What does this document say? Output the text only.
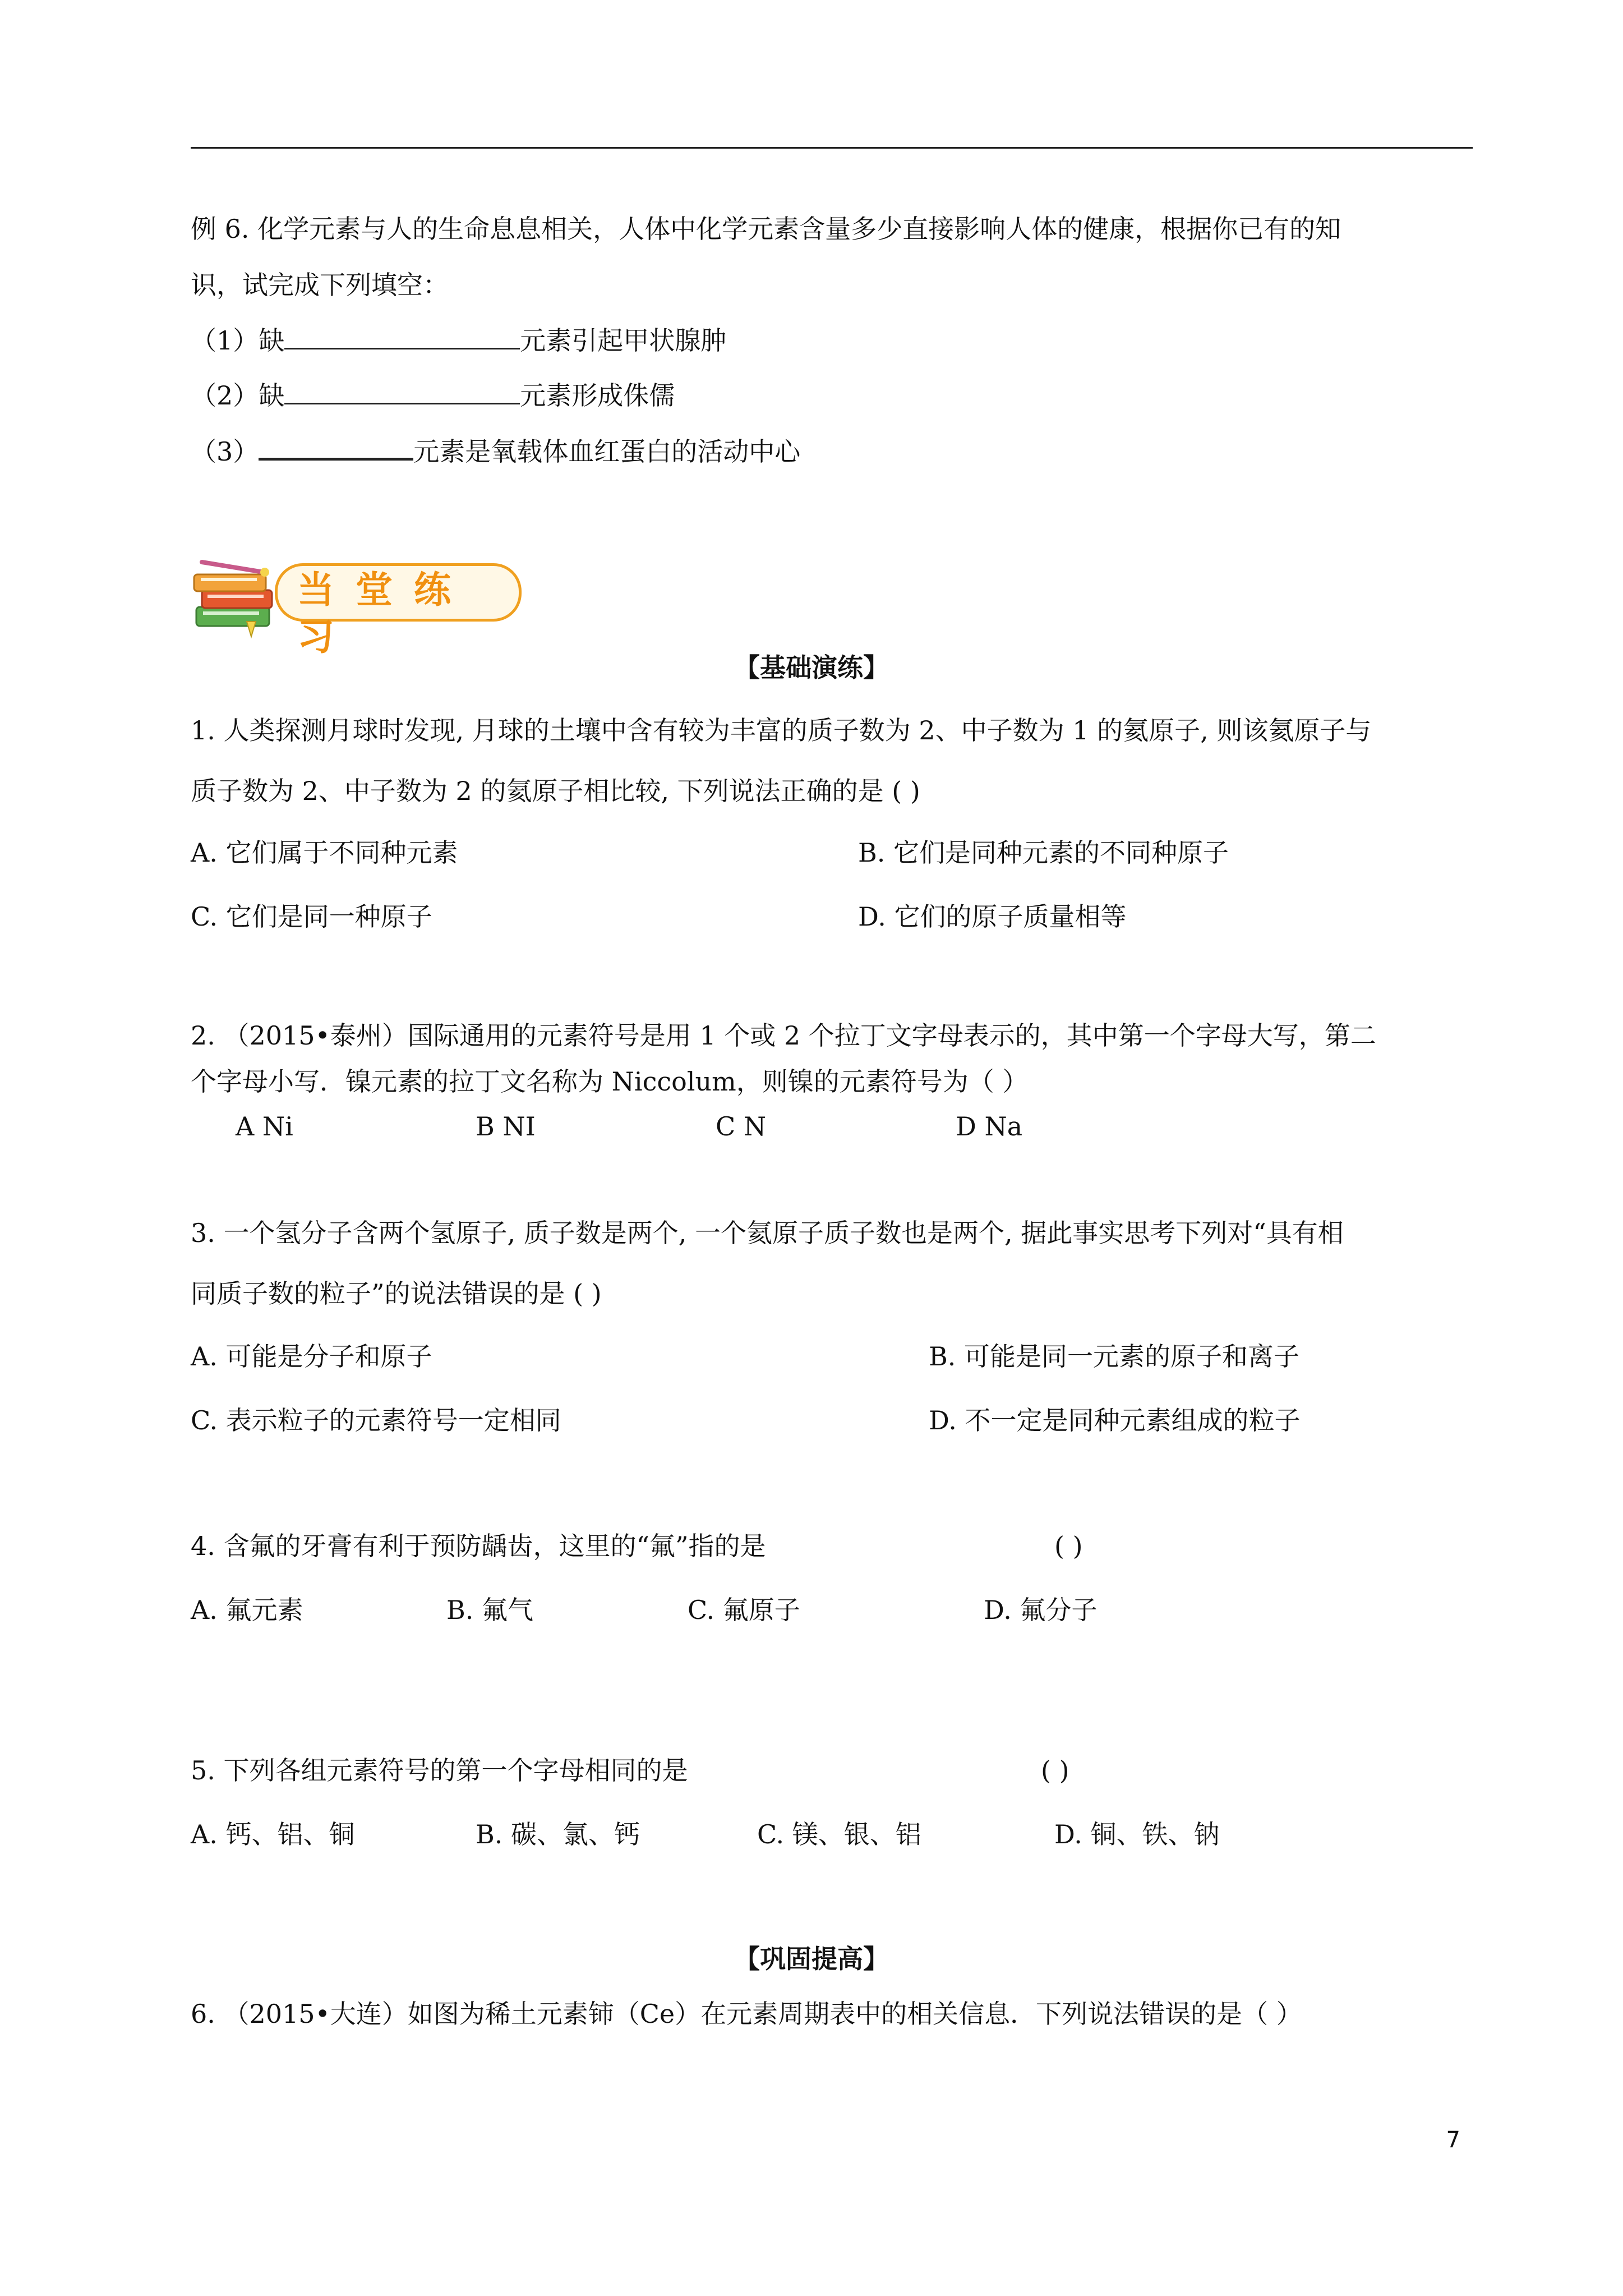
例 6. 化学元素与人的生命息息相关，人体中化学元素含量多少直接影响人体的健康，根据你已有的知
识，试完成下列填空：
（1）缺	元素引起甲状腺肿
（2）缺	元素形成侏儒
（3）	元素是氧载体血红蛋白的活动中心
当堂练习
【基础演练】
1. 人类探测月球时发现, 月球的土壤中含有较为丰富的质子数为 2、中子数为 1 的氦原子, 则该氦原子与
质子数为 2、中子数为 2 的氦原子相比较, 下列说法正确的是 ( )
A. 它们属于不同种元素	B. 它们是同种元素的不同种原子
C. 它们是同一种原子	D. 它们的原子质量相等
2. （2015•泰州）国际通用的元素符号是用 1 个或 2 个拉丁文字母表示的，其中第一个字母大写，第二
个字母小写．镍元素的拉丁文名称为 Niccolum，则镍的元素符号为（ ）
A Ni	B NI	C N	D Na
3. 一个氢分子含两个氢原子, 质子数是两个, 一个氦原子质子数也是两个, 据此事实思考下列对“具有相
同质子数的粒子”的说法错误的是 ( )
A. 可能是分子和原子	B. 可能是同一元素的原子和离子
C. 表示粒子的元素符号一定相同	D. 不一定是同种元素组成的粒子
4. 含氟的牙膏有利于预防龋齿，这里的“氟”指的是	( )
A. 氟元素	B. 氟气	C. 氟原子	D. 氟分子
5. 下列各组元素符号的第一个字母相同的是	( )
A. 钙、铝、铜	B. 碳、氯、钙	C. 镁、银、铝	D. 铜、铁、钠
【巩固提高】
6. （2015•大连）如图为稀土元素铈（Ce）在元素周期表中的相关信息．下列说法错误的是（ ）
7
